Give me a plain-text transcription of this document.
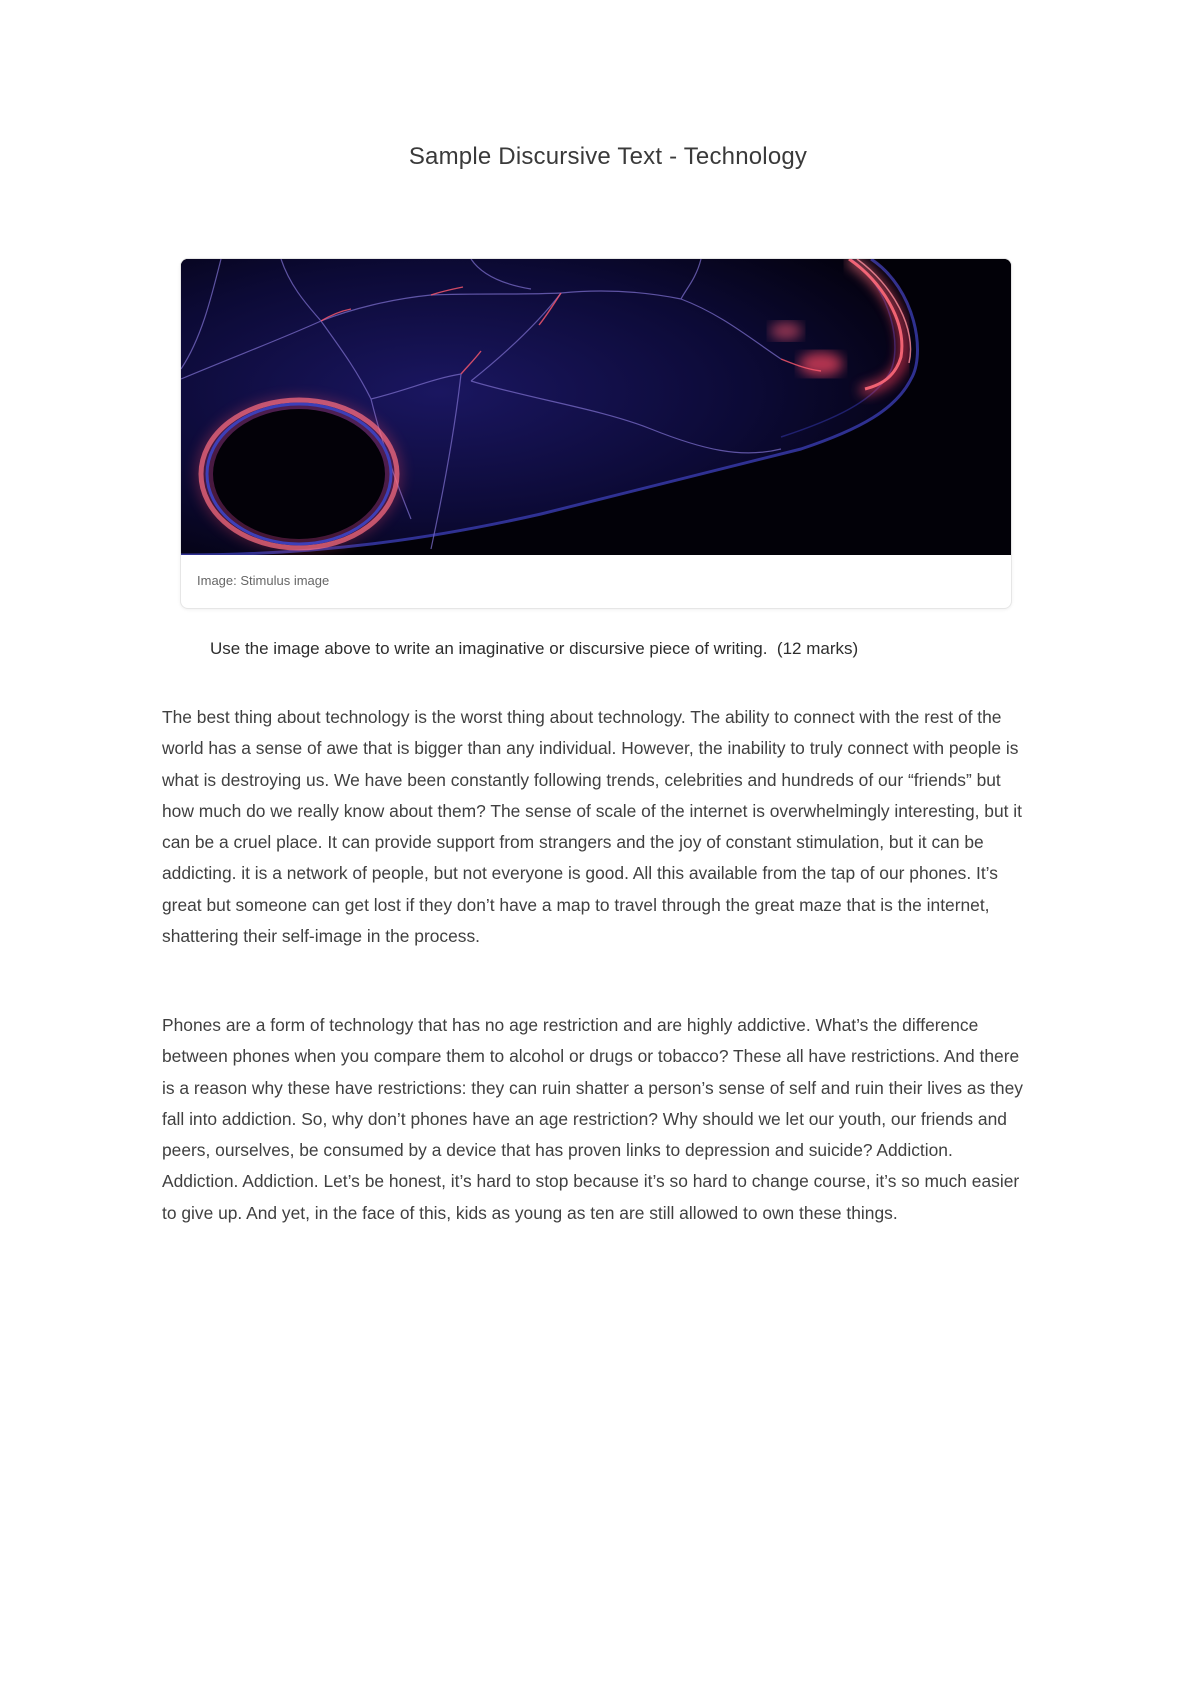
Sample Discursive Text - Technology
Image: Stimulus image
Use the image above to write an imaginative or discursive piece of writing.  (12 marks)
The best thing about technology is the worst thing about technology. The ability to connect with the rest of the world has a sense of awe that is bigger than any individual. However, the inability to truly connect with people is what is destroying us. We have been constantly following trends, celebrities and hundreds of our “friends” but how much do we really know about them? The sense of scale of the internet is overwhelmingly interesting, but it can be a cruel place. It can provide support from strangers and the joy of constant stimulation, but it can be addicting. it is a network of people, but not everyone is good. All this available from the tap of our phones. It’s great but someone can get lost if they don’t have a map to travel through the great maze that is the internet, shattering their self-image in the process.
Phones are a form of technology that has no age restriction and are highly addictive. What’s the difference between phones when you compare them to alcohol or drugs or tobacco? These all have restrictions. And there is a reason why these have restrictions: they can ruin shatter a person’s sense of self and ruin their lives as they fall into addiction. So, why don’t phones have an age restriction? Why should we let our youth, our friends and peers, ourselves, be consumed by a device that has proven links to depression and suicide? Addiction. Addiction. Addiction. Let’s be honest, it’s hard to stop because it’s so hard to change course, it’s so much easier to give up. And yet, in the face of this, kids as young as ten are still allowed to own these things.
